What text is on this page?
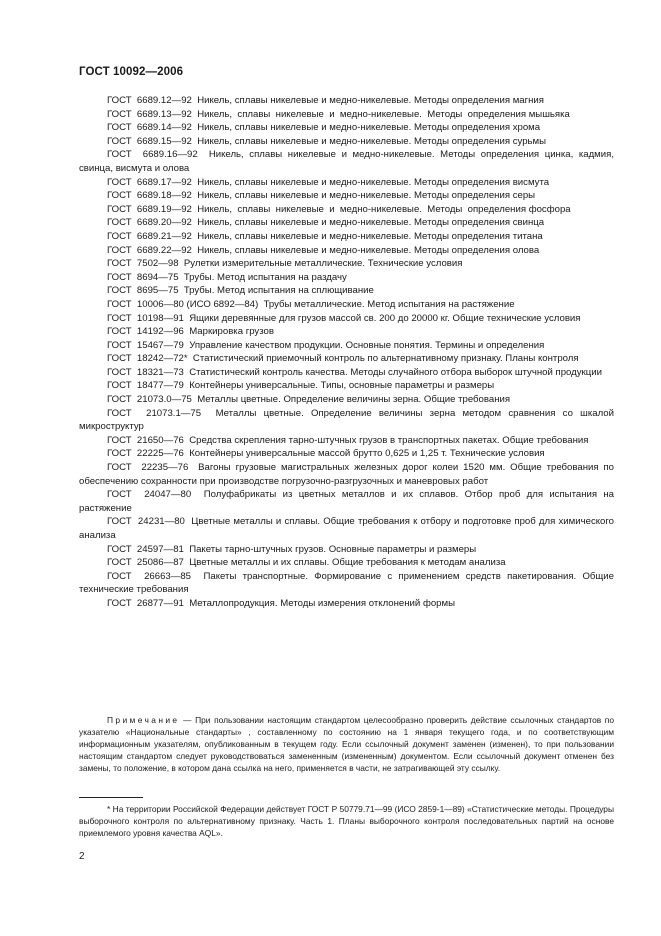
ГОСТ 10092—2006

ГОСТ  6689.12—92  Никель, сплавы никелевые и медно-никелевые. Методы определения магния

ГОСТ  6689.13—92  Никель,  сплавы  никелевые  и  медно-никелевые.  Методы  определения мышьяка

ГОСТ  6689.14—92  Никель, сплавы никелевые и медно-никелевые. Методы определения хрома

ГОСТ  6689.15—92  Никель, сплавы никелевые и медно-никелевые. Методы определения сурьмы

ГОСТ  6689.16—92  Никель, сплавы никелевые и медно-никелевые. Методы определения цинка, кадмия, свинца, висмута и олова

ГОСТ  6689.17—92  Никель, сплавы никелевые и медно-никелевые. Методы определения висмута

ГОСТ  6689.18—92  Никель, сплавы никелевые и медно-никелевые. Методы определения серы

ГОСТ  6689.19—92  Никель,  сплавы  никелевые  и  медно-никелевые.  Методы  определения фосфора

ГОСТ  6689.20—92  Никель, сплавы никелевые и медно-никелевые. Методы определения свинца

ГОСТ  6689.21—92  Никель, сплавы никелевые и медно-никелевые. Методы определения титана

ГОСТ  6689.22—92  Никель, сплавы никелевые и медно-никелевые. Методы определения олова

ГОСТ  7502—98  Рулетки измерительные металлические. Технические условия

ГОСТ  8694—75  Трубы. Метод испытания на раздачу

ГОСТ  8695—75  Трубы. Метод испытания на сплющивание

ГОСТ  10006—80 (ИСО 6892—84)  Трубы металлические. Метод испытания на растяжение

ГОСТ  10198—91  Ящики деревянные для грузов массой св. 200 до 20000 кг. Общие технические условия

ГОСТ  14192—96  Маркировка грузов

ГОСТ  15467—79  Управление качеством продукции. Основные понятия. Термины и определения

ГОСТ  18242—72*  Статистический приемочный контроль по альтернативному признаку. Планы контроля

ГОСТ  18321—73  Статистический контроль качества. Методы случайного отбора выборок штучной продукции

ГОСТ  18477—79  Контейнеры универсальные. Типы, основные параметры и размеры

ГОСТ  21073.0—75  Металлы цветные. Определение величины зерна. Общие требования

ГОСТ  21073.1—75  Металлы цветные. Определение величины зерна методом сравнения со шкалой микроструктур

ГОСТ  21650—76  Средства скрепления тарно-штучных грузов в транспортных пакетах. Общие требования

ГОСТ  22225—76  Контейнеры универсальные массой брутто 0,625 и 1,25 т. Технические условия

ГОСТ  22235—76  Вагоны грузовые магистральных железных дорог колеи 1520 мм. Общие требования по обеспечению сохранности при производстве погрузочно-разгрузочных и маневровых работ

ГОСТ  24047—80  Полуфабрикаты из цветных металлов и их сплавов. Отбор проб для испытания на растяжение

ГОСТ  24231—80  Цветные металлы и сплавы. Общие требования к отбору и подготовке проб для химического анализа

ГОСТ  24597—81  Пакеты тарно-штучных грузов. Основные параметры и размеры

ГОСТ  25086—87  Цветные металлы и их сплавы. Общие требования к методам анализа

ГОСТ  26663—85  Пакеты транспортные. Формирование с применением средств пакетирования. Общие технические требования

ГОСТ  26877—91  Металлопродукция. Методы измерения отклонений формы

Примечание — При пользовании настоящим стандартом целесообразно проверить действие ссылочных стандартов по указателю «Национальные стандарты» , составленному по состоянию на 1 января текущего года, и по соответствующим информационным указателям, опубликованным в текущем году. Если ссылочный документ заменен (изменен), то при пользовании настоящим стандартом следует руководствоваться замененным (измененным) документом. Если ссылочный документ отменен без замены, то положение, в котором дана ссылка на него, применяется в части, не затрагивающей эту ссылку.
* На территории Российской Федерации действует ГОСТ Р 50779.71—99 (ИСО 2859-1—89) «Статистические методы. Процедуры выборочного контроля по альтернативному признаку. Часть 1. Планы выборочного контроля последовательных партий на основе приемлемого уровня качества AQL».
2
